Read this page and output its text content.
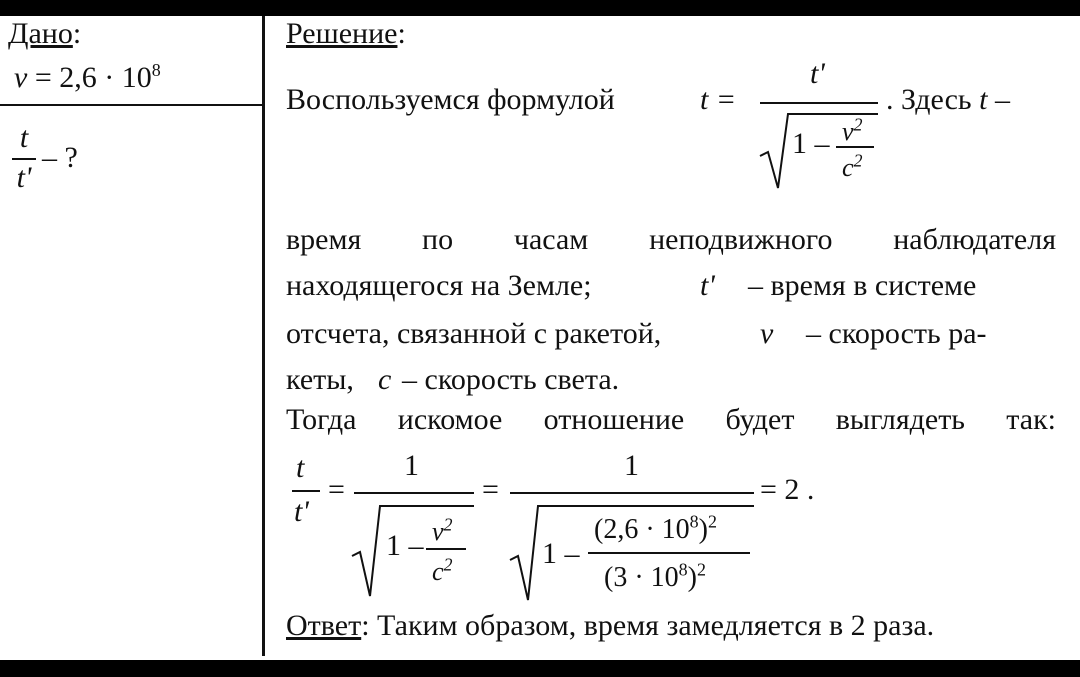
Дано:
$v = 2,6 \cdot 10^8$
t
t'
– ?
Решение:
Воспользуемся формулой	t =
t'
$1 - v^2$
$c^2$
. Здесь t –
время по часам неподвижного наблюдателя
находящегося на Земле;	t' – время в системе
отсчета, связанной с ракетой,	v – скорость ра-
кеты, c – скорость света.
Тогда искомое отношение будет выглядеть так:
t
t'
=
1
$1 - v^2$
$c^2$
=
1
1 –
$(2,6 \cdot 10^8)^2$
$(3 \cdot 10^8)^2$
= 2 .
Ответ: Таким образом, время замедляется в 2 раза.
